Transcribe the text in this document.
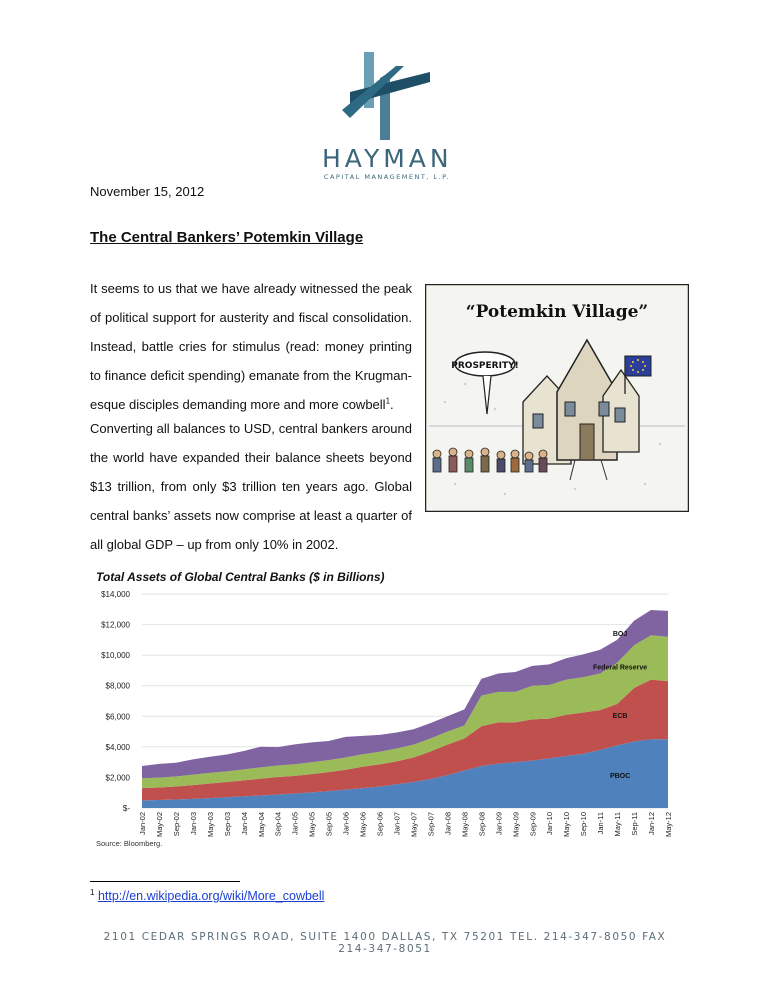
HAYMAN
CAPITAL MANAGEMENT, L.P.
November 15, 2012
The Central Bankers’ Potemkin Village
It seems to us that we have already witnessed the peak of political support for austerity and fiscal consolidation. Instead, battle cries for stimulus (read: money printing to finance deficit spending) emanate from the Krugman-esque disciples demanding more and more cowbell$^1$.
Converting all balances to USD, central bankers around the world have expanded their balance sheets beyond $13 trillion, from only $3 trillion ten years ago. Global central banks’ assets now comprise at least a quarter of all global GDP – up from only 10% in 2002.
“Potemkin Village”
PROSPERITY!
Total Assets of Global Central Banks ($ in Billions)
$-
$2,000
$4,000
$6,000
$8,000
$10,000
$12,000
$14,000
Jan-02 May-02 Sep-02 Jan-03 May-03 Sep-03 Jan-04 May-04 Sep-04 Jan-05 May-05 Sep-05 Jan-06 May-06 Sep-06 Jan-07 May-07 Sep-07 Jan-08 May-08 Sep-08 Jan-09 May-09 Sep-09 Jan-10 May-10 Sep-10 Jan-11 May-11 Sep-11 Jan-12 May-12
PBOC
ECB
Federal Reserve
BOJ
Source: Bloomberg.
$^1$ http://en.wikipedia.org/wiki/More_cowbell
2101 CEDAR SPRINGS ROAD, SUITE 1400 DALLAS, TX 75201 TEL. 214-347-8050 FAX 214-347-8051
